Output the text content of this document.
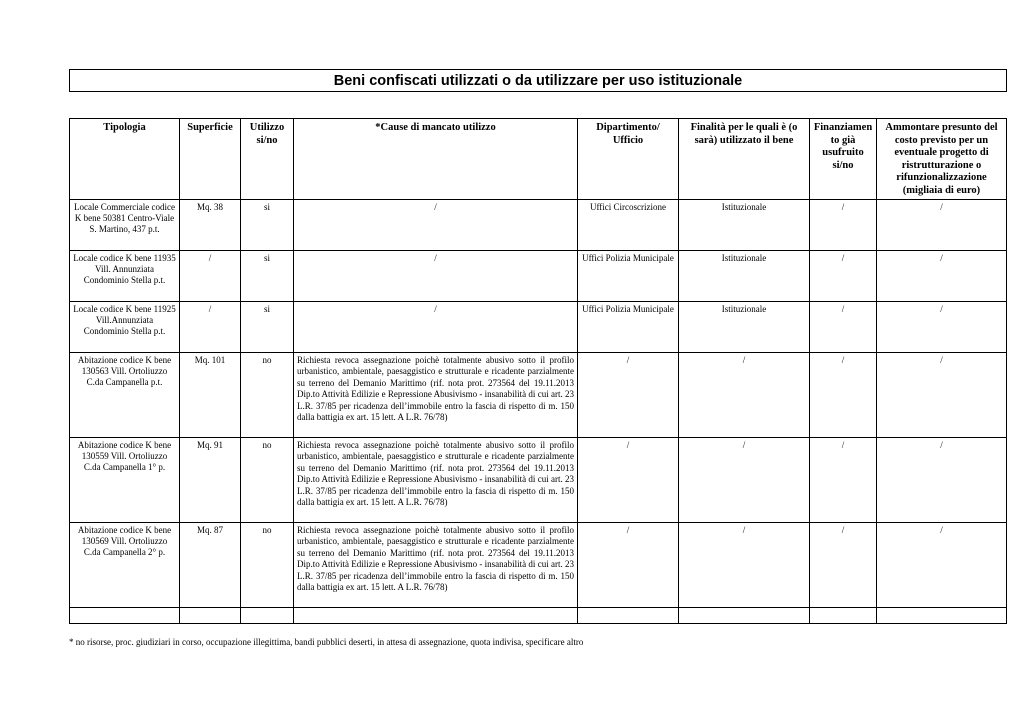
Beni confiscati utilizzati o da utilizzare per uso istituzionale
Tipologia	Superficie	Utilizzo si/no	*Cause di mancato utilizzo	Dipartimento/ Ufficio	Finalità per le quali è (o sarà) utilizzato il bene	Finanziamen to già usufruito si/no	Ammontare presunto del costo previsto per un eventuale progetto di ristrutturazione o rifunzionalizzazione (migliaia di euro)
Locale Commerciale codice K bene 50381 Centro-Viale S. Martino, 437 p.t.	Mq. 38	si	/	Uffici Circoscrizione	Istituzionale	/	/
Locale codice K bene 11935 Vill. Annunziata Condominio Stella p.t.	/	si	/	Uffici Polizia Municipale	Istituzionale	/	/
Locale codice K bene 11925 Vill.Annunziata Condominio Stella p.t.	/	si	/	Uffici Polizia Municipale	Istituzionale	/	/
Abitazione codice K bene 130563 Vill. Ortoliuzzo C.da Campanella p.t.	Mq. 101	no	Richiesta revoca assegnazione poichè totalmente abusivo sotto il profilo urbanistico, ambientale, paesaggistico e strutturale e ricadente parzialmente su terreno del Demanio Marittimo (rif. nota prot. 273564 del 19.11.2013 Dip.to Attività Edilizie e Repressione Abusivismo - insanabilità di cui art. 23 L.R. 37/85 per ricadenza dell’immobile entro la fascia di rispetto di m. 150 dalla battigia ex art. 15 lett. A L.R. 76/78)	/	/	/	/
Abitazione codice K bene 130559 Vill. Ortoliuzzo C.da Campanella 1° p.	Mq. 91	no	Richiesta revoca assegnazione poichè totalmente abusivo sotto il profilo urbanistico, ambientale, paesaggistico e strutturale e ricadente parzialmente su terreno del Demanio Marittimo (rif. nota prot. 273564 del 19.11.2013 Dip.to Attività Edilizie e Repressione Abusivismo - insanabilità di cui art. 23 L.R. 37/85 per ricadenza dell’immobile entro la fascia di rispetto di m. 150 dalla battigia ex art. 15 lett. A L.R. 76/78)	/	/	/	/
Abitazione codice K bene 130569 Vill. Ortoliuzzo C.da Campanella 2° p.	Mq. 87	no	Richiesta revoca assegnazione poichè totalmente abusivo sotto il profilo urbanistico, ambientale, paesaggistico e strutturale e ricadente parzialmente su terreno del Demanio Marittimo (rif. nota prot. 273564 del 19.11.2013 Dip.to Attività Edilizie e Repressione Abusivismo - insanabilità di cui art. 23 L.R. 37/85 per ricadenza dell’immobile entro la fascia di rispetto di m. 150 dalla battigia ex art. 15 lett. A L.R. 76/78)	/	/	/	/

* no risorse, proc. giudiziari in corso, occupazione illegittima, bandi pubblici deserti, in attesa di assegnazione, quota indivisa, specificare altro
